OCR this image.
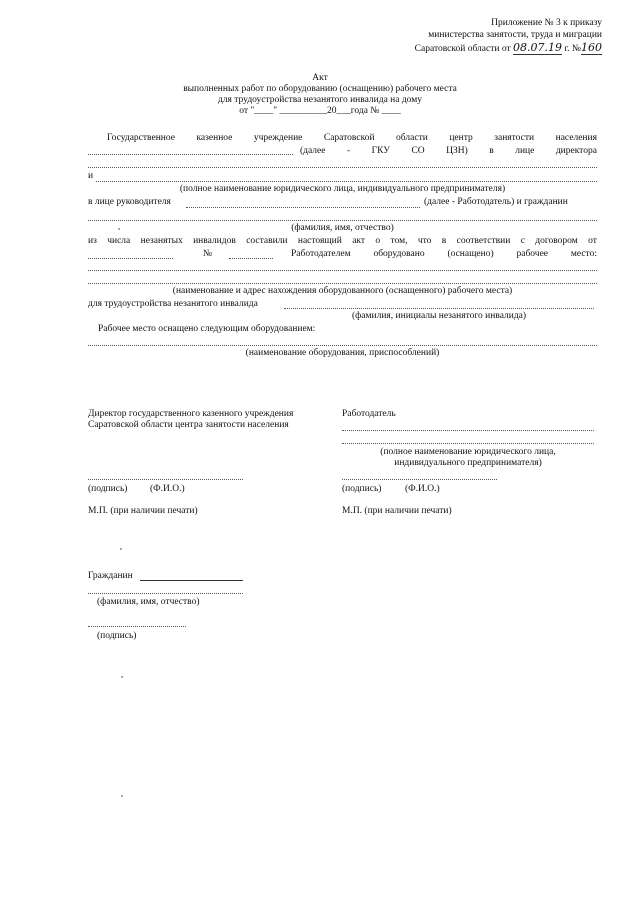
Приложение № 3 к приказу
министерства занятости, труда и миграции
Саратовской области от 08.07.19 г. №160
Акт
выполненных работ по оборудованию (оснащению) рабочего места
для трудоустройства незанятого инвалида на дому
от "____" __________20___года № ____
Государственное казенное учреждение Саратовской области центр занятости населения
(далее - ГКУ СО ЦЗН) в лице директора
и
(полное наименование юридического лица, индивидуального предпринимателя)
в лице руководителя	(далее - Работодатель) и гражданин
(фамилия, имя, отчество)
из числа незанятых инвалидов составили настоящий акт о том, что в соответствии с договором от
№	Работодателем оборудовано (оснащено) рабочее место:
(наименование и адрес нахождения оборудованного (оснащенного) рабочего места)
для трудоустройства незанятого инвалида
(фамилия, инициалы незанятого инвалида)
Рабочее место оснащено следующим оборудованием:
(наименование оборудования, приспособлений)
Директор государственного казенного учреждения
Саратовской области центра занятости населения
Работодатель
(полное наименование юридического лица,
индивидуального предпринимателя)
(подпись) (Ф.И.О.)	(подпись) (Ф.И.О.)
М.П. (при наличии печати)	М.П. (при наличии печати)
Гражданин
(фамилия, имя, отчество)
(подпись)
